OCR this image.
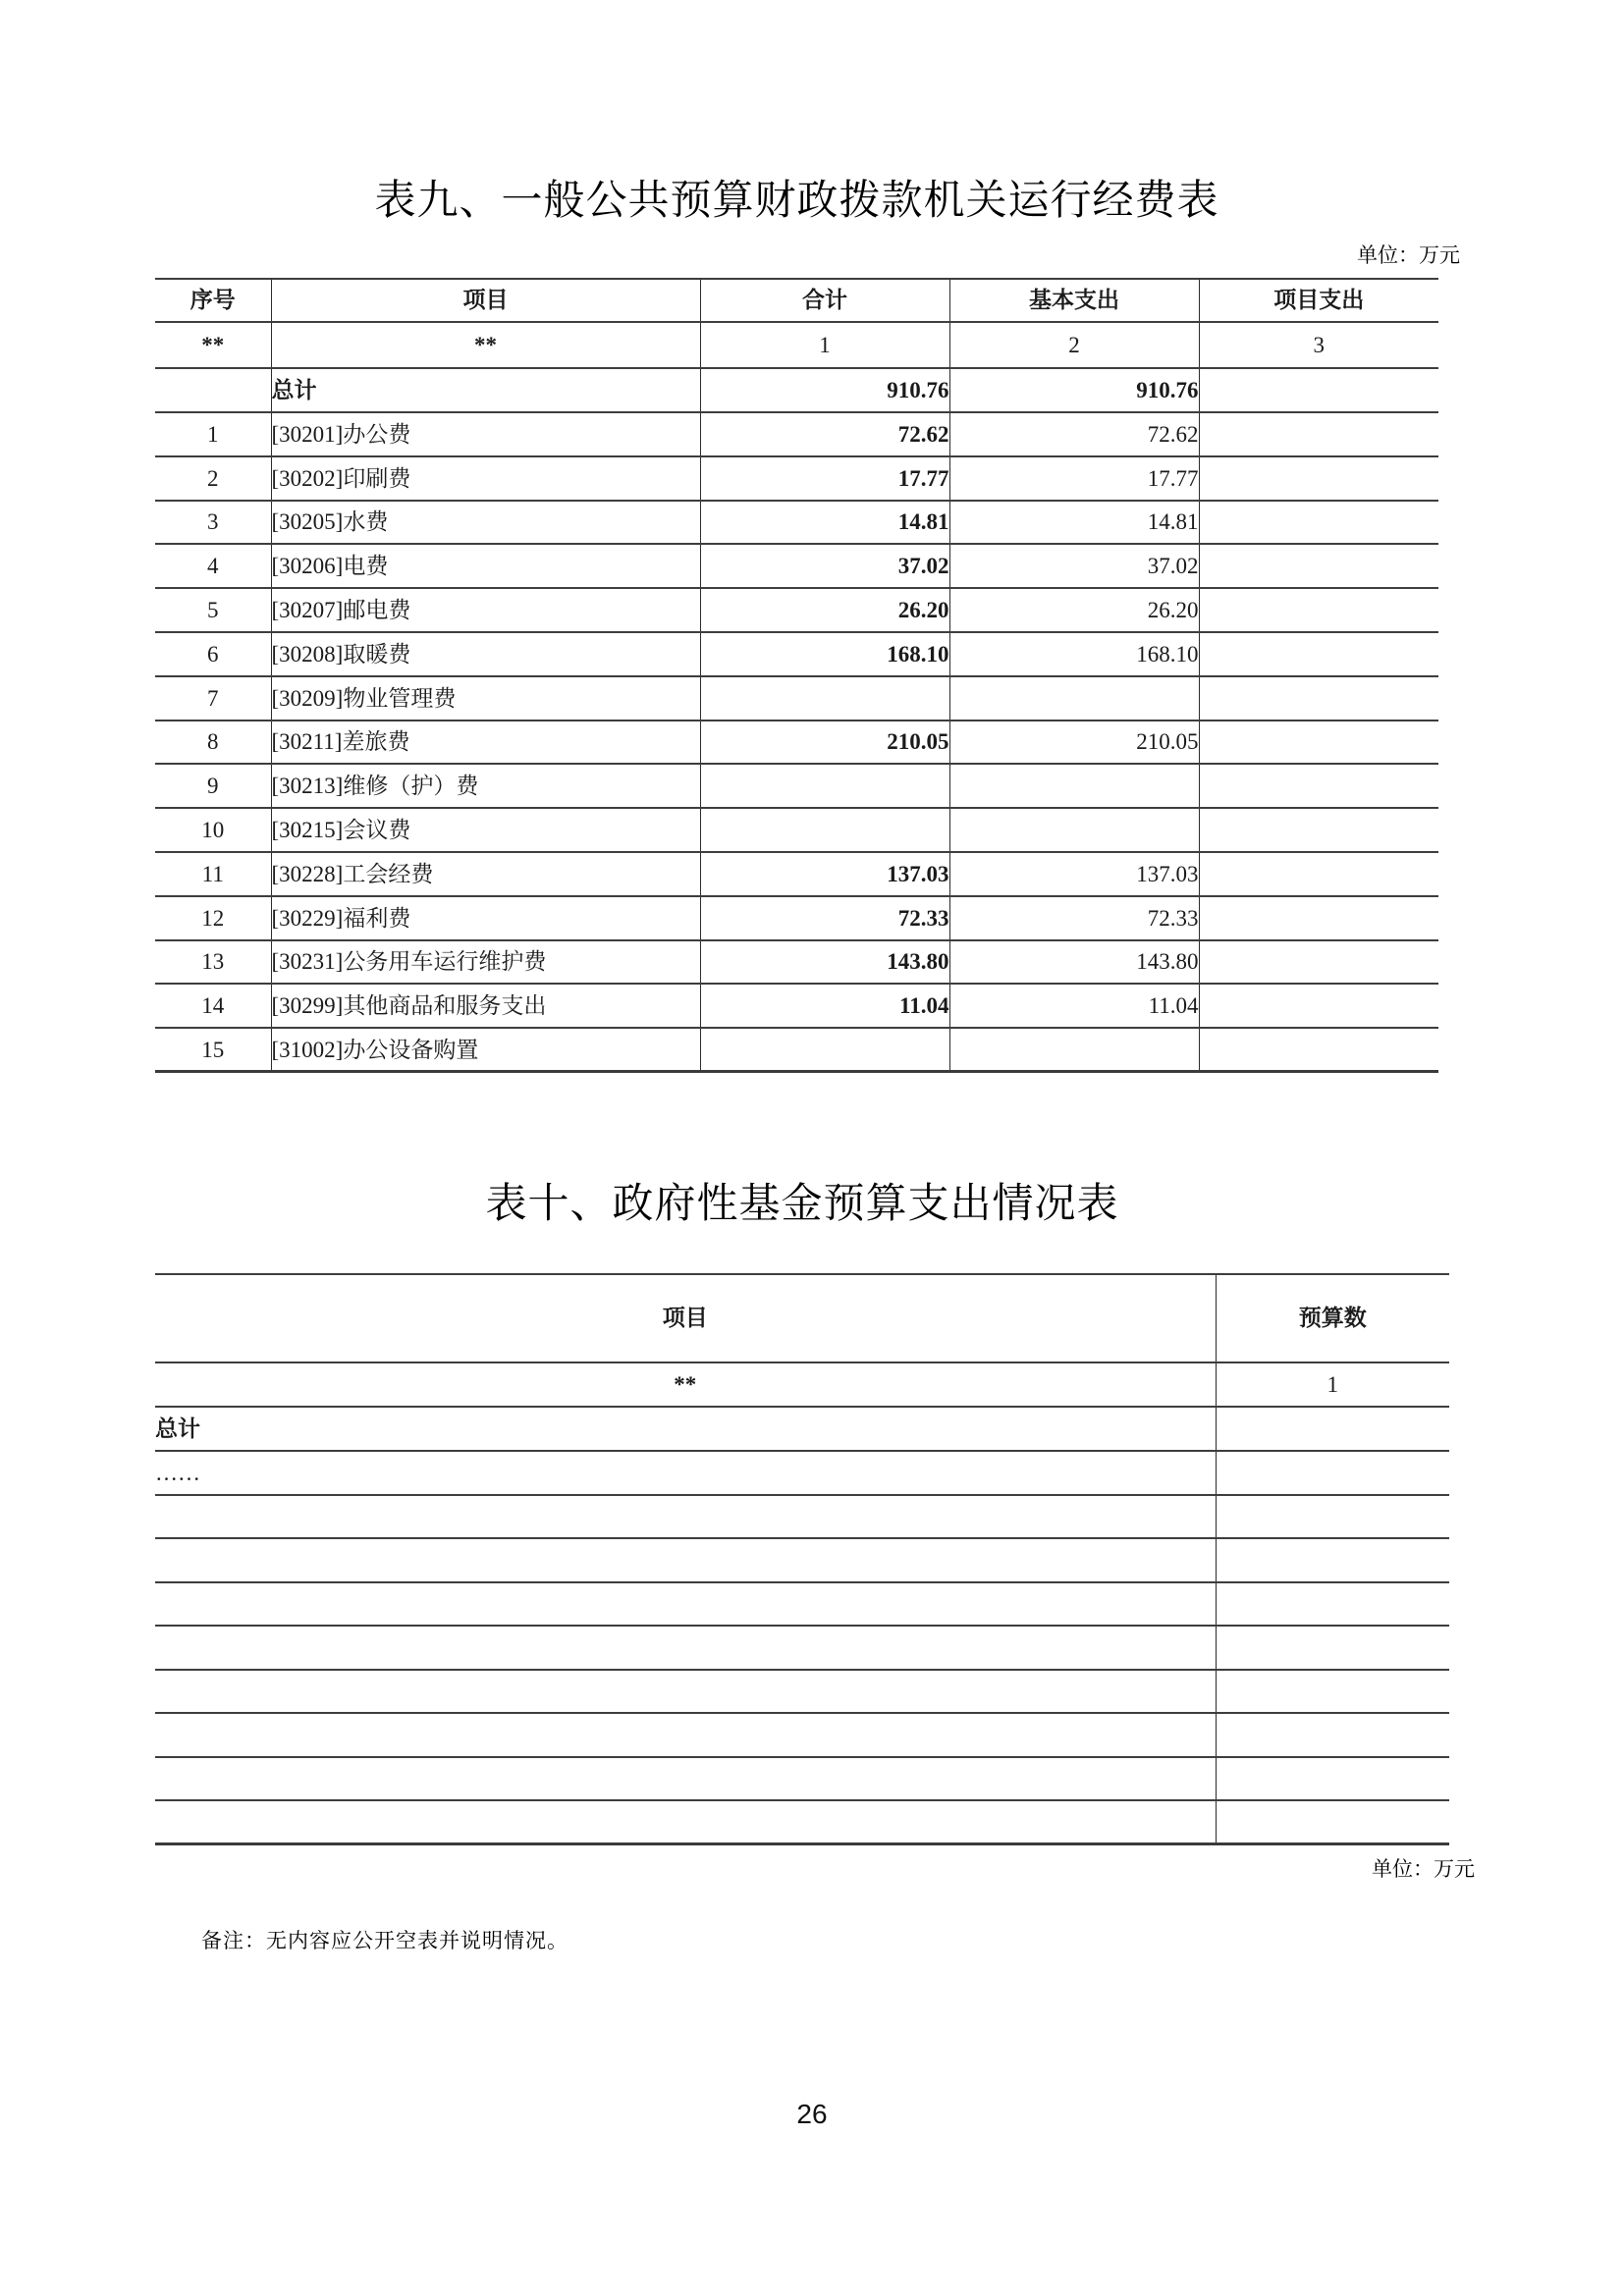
表九、一般公共预算财政拨款机关运行经费表
单位：万元
序号	项目	合计	基本支出	项目支出
**	**	1	2	3
	总计	910.76	910.76	
1	[30201]办公费	72.62	72.62	
2	[30202]印刷费	17.77	17.77	
3	[30205]水费	14.81	14.81	
4	[30206]电费	37.02	37.02	
5	[30207]邮电费	26.20	26.20	
6	[30208]取暖费	168.10	168.10	
7	[30209]物业管理费			
8	[30211]差旅费	210.05	210.05	
9	[30213]维修（护）费			
10	[30215]会议费			
11	[30228]工会经费	137.03	137.03	
12	[30229]福利费	72.33	72.33	
13	[30231]公务用车运行维护费	143.80	143.80	
14	[30299]其他商品和服务支出	11.04	11.04	
15	[31002]办公设备购置			
表十、政府性基金预算支出情况表
项目	预算数
**	1
总计	
……	

单位：万元
备注：无内容应公开空表并说明情况。
26
